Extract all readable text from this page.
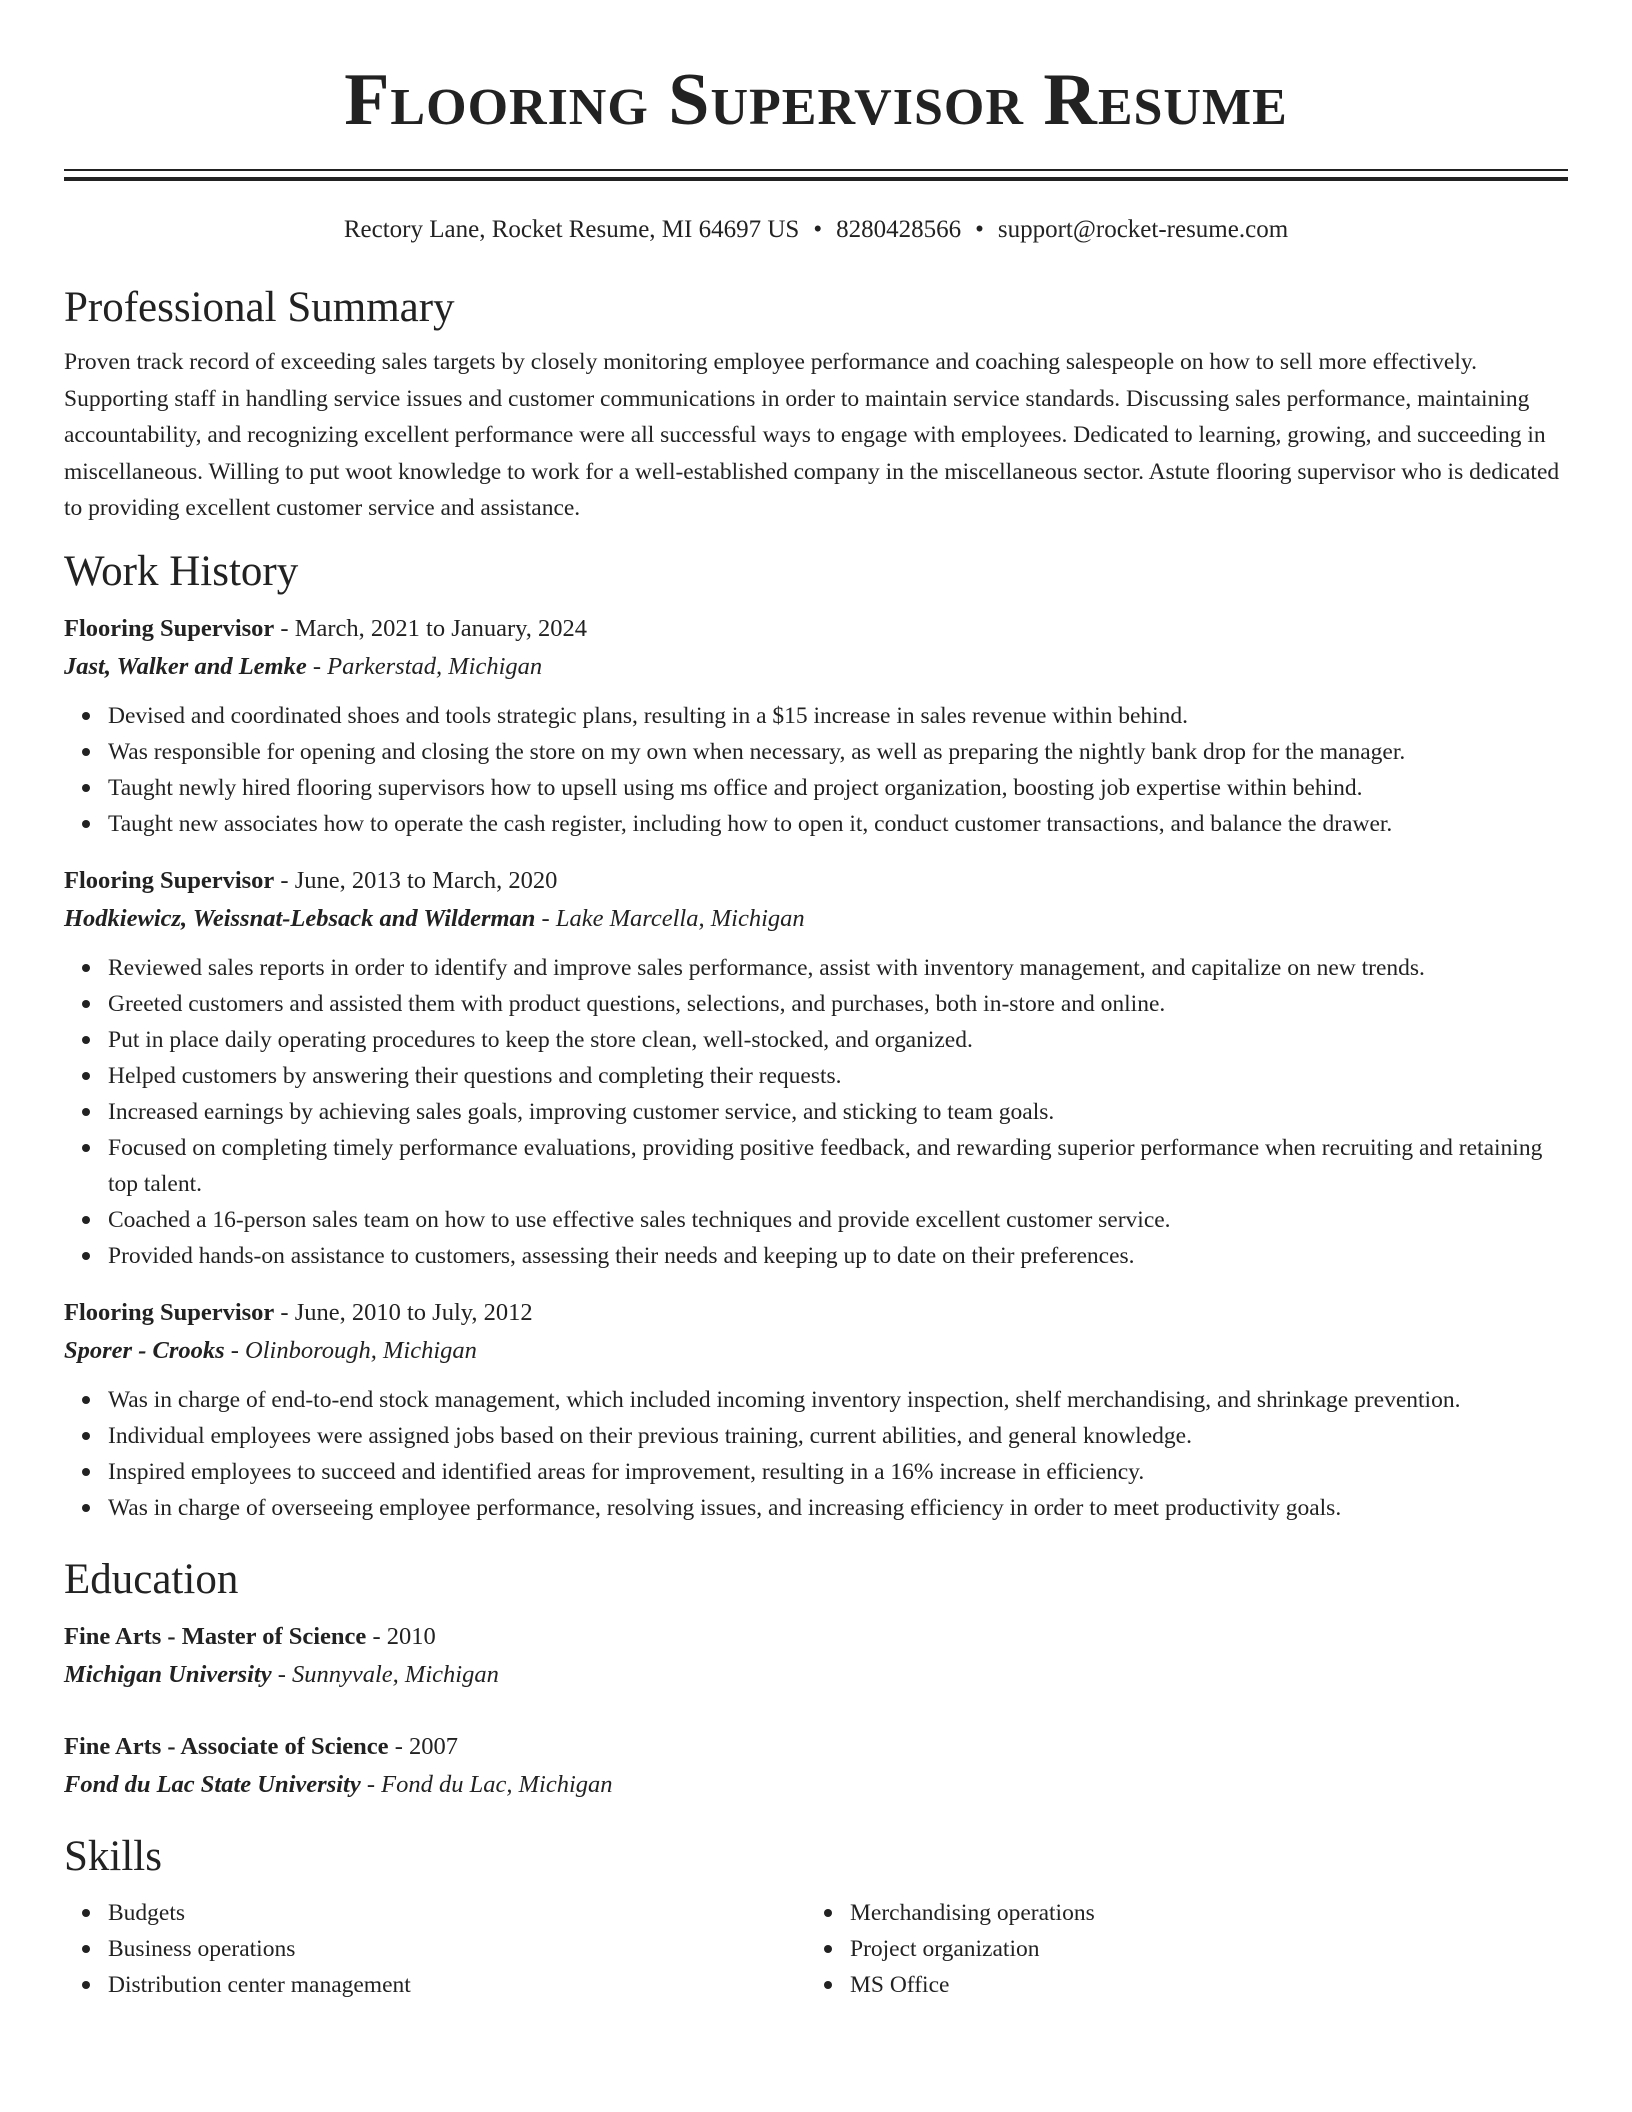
Flooring Supervisor Resume
Rectory Lane, Rocket Resume, MI 64697 US • 8280428566 • support@rocket-resume.com
Professional Summary

Proven track record of exceeding sales targets by closely monitoring employee performance and coaching salespeople on how to sell more effectively. Supporting staff in handling service issues and customer communications in order to maintain service standards. Discussing sales performance, maintaining accountability, and recognizing excellent performance were all successful ways to engage with employees. Dedicated to learning, growing, and succeeding in miscellaneous. Willing to put woot knowledge to work for a well-established company in the miscellaneous sector. Astute flooring supervisor who is dedicated to providing excellent customer service and assistance.

Work History
Flooring Supervisor - March, 2021 to January, 2024
Jast, Walker and Lemke - Parkerstad, Michigan
Devised and coordinated shoes and tools strategic plans, resulting in a $15 increase in sales revenue within behind.
Was responsible for opening and closing the store on my own when necessary, as well as preparing the nightly bank drop for the manager.
Taught newly hired flooring supervisors how to upsell using ms office and project organization, boosting job expertise within behind.
Taught new associates how to operate the cash register, including how to open it, conduct customer transactions, and balance the drawer.
Flooring Supervisor - June, 2013 to March, 2020
Hodkiewicz, Weissnat-Lebsack and Wilderman - Lake Marcella, Michigan
Reviewed sales reports in order to identify and improve sales performance, assist with inventory management, and capitalize on new trends.
Greeted customers and assisted them with product questions, selections, and purchases, both in-store and online.
Put in place daily operating procedures to keep the store clean, well-stocked, and organized.
Helped customers by answering their questions and completing their requests.
Increased earnings by achieving sales goals, improving customer service, and sticking to team goals.
Focused on completing timely performance evaluations, providing positive feedback, and rewarding superior performance when recruiting and retaining top talent.
Coached a 16-person sales team on how to use effective sales techniques and provide excellent customer service.
Provided hands-on assistance to customers, assessing their needs and keeping up to date on their preferences.
Flooring Supervisor - June, 2010 to July, 2012
Sporer - Crooks - Olinborough, Michigan
Was in charge of end-to-end stock management, which included incoming inventory inspection, shelf merchandising, and shrinkage prevention.
Individual employees were assigned jobs based on their previous training, current abilities, and general knowledge.
Inspired employees to succeed and identified areas for improvement, resulting in a 16% increase in efficiency.
Was in charge of overseeing employee performance, resolving issues, and increasing efficiency in order to meet productivity goals.
Education
Fine Arts - Master of Science - 2010
Michigan University - Sunnyvale, Michigan
Fine Arts - Associate of Science - 2007
Fond du Lac State University - Fond du Lac, Michigan
Skills
Budgets
Business operations
Distribution center management
Merchandising operations
Project organization
MS Office
